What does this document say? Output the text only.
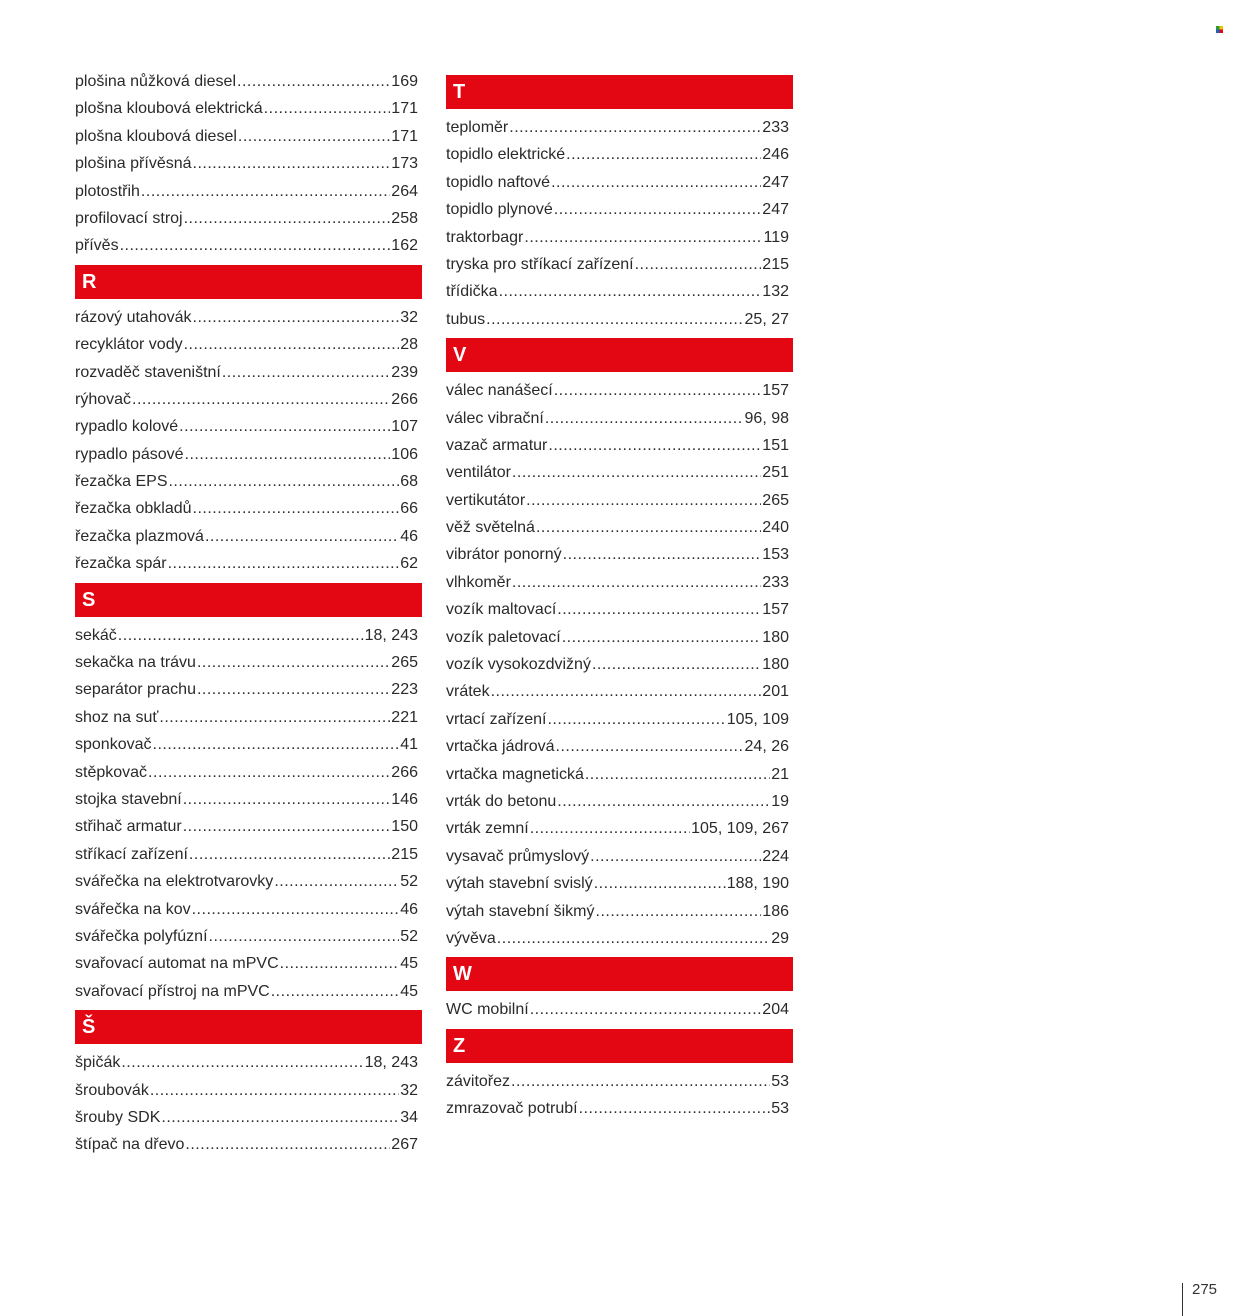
plošina nůžková diesel .....	169
plošna kloubová elektrická .....	171
plošna kloubová diesel .....	171
plošina přívěsná .....	173
plotostřih .....	264
profilovací stroj .....	258
přívěs .....	162
R
rázový utahovák .....	32
recyklátor vody .....	28
rozvaděč staveništní .....	239
rýhovač .....	266
rypadlo kolové .....	107
rypadlo pásové .....	106
řezačka EPS .....	68
řezačka obkladů .....	66
řezačka plazmová .....	46
řezačka spár .....	62
S
sekáč .....	18, 243
sekačka na trávu .....	265
separátor prachu .....	223
shoz na suť .....	221
sponkovač .....	41
stěpkovač .....	266
stojka stavební .....	146
střihač armatur .....	150
stříkací zařízení .....	215
svářečka na elektrotvarovky .....	52
svářečka na kov .....	46
svářečka polyfúzní .....	52
svařovací automat na mPVC .....	45
svařovací přístroj na mPVC .....	45
Š
špičák .....	18, 243
šroubovák .....	32
šrouby SDK .....	34
štípač na dřevo .....	267
T
teploměr .....	233
topidlo elektrické .....	246
topidlo naftové .....	247
topidlo plynové .....	247
traktorbagr .....	119
tryska pro stříkací zařízení .....	215
třídička .....	132
tubus .....	25, 27
V
válec nanášecí .....	157
válec vibrační .....	96, 98
vazač armatur .....	151
ventilátor .....	251
vertikutátor .....	265
věž světelná .....	240
vibrátor ponorný .....	153
vlhkoměr .....	233
vozík maltovací .....	157
vozík paletovací .....	180
vozík vysokozdvižný .....	180
vrátek .....	201
vrtací zařízení .....	105, 109
vrtačka jádrová .....	24, 26
vrtačka magnetická .....	21
vrták do betonu .....	19
vrták zemní .....	105, 109, 267
vysavač průmyslový .....	224
výtah stavební svislý .....	188, 190
výtah stavební šikmý .....	186
vývěva .....	29
W
WC mobilní .....	204
Z
závitořez .....	53
zmrazovač potrubí .....	53
275
